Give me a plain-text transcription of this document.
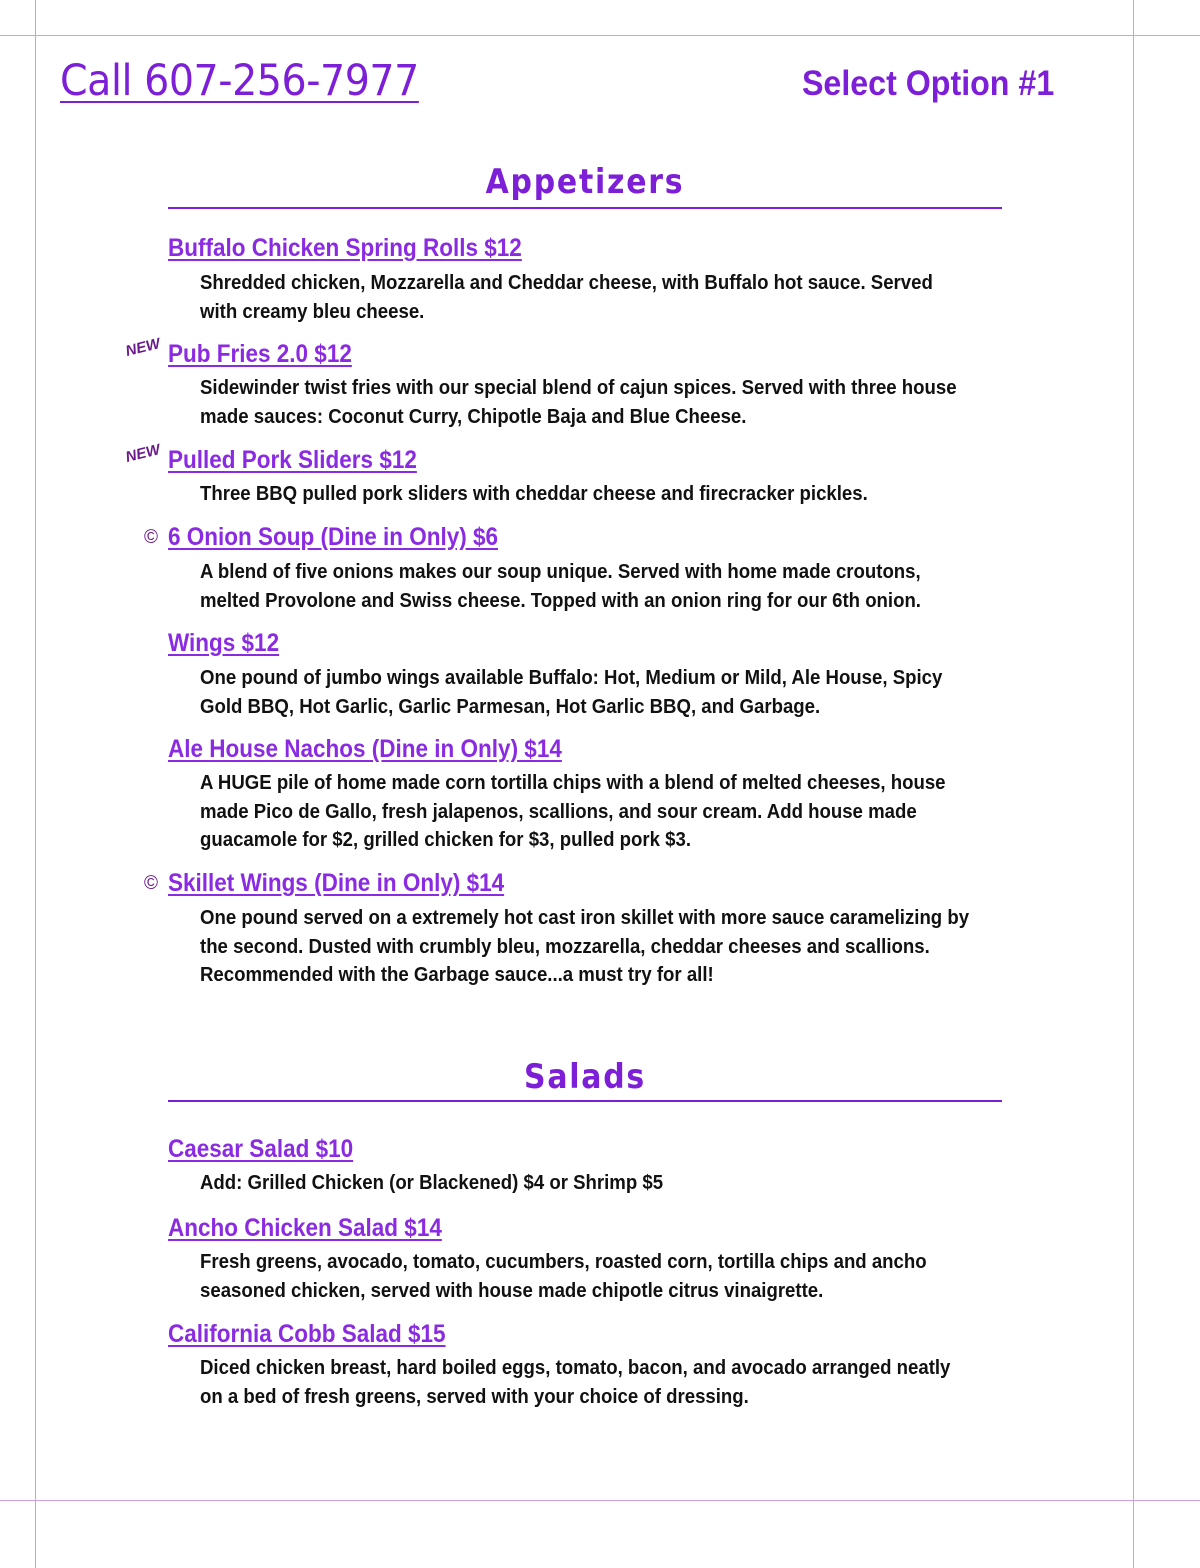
Call 607-256-7977	Select Option #1
Appetizers
Buffalo Chicken Spring Rolls $12

Shredded chicken, Mozzarella and Cheddar cheese, with Buffalo hot sauce. Served with creamy bleu cheese.

NEW Pub Fries 2.0 $12

Sidewinder twist fries with our special blend of cajun spices. Served with three house made sauces: Coconut Curry, Chipotle Baja and Blue Cheese.

NEW Pulled Pork Sliders $12

Three BBQ pulled pork sliders with cheddar cheese and firecracker pickles.

© 6 Onion Soup (Dine in Only) $6

A blend of five onions makes our soup unique. Served with home made croutons, melted Provolone and Swiss cheese. Topped with an onion ring for our 6th onion.

Wings $12

One pound of jumbo wings available Buffalo: Hot, Medium or Mild, Ale House, Spicy Gold BBQ, Hot Garlic, Garlic Parmesan, Hot Garlic BBQ, and Garbage.

Ale House Nachos (Dine in Only) $14

A HUGE pile of home made corn tortilla chips with a blend of melted cheeses, house made Pico de Gallo, fresh jalapenos, scallions, and sour cream. Add house made guacamole for $2, grilled chicken for $3, pulled pork $3.

© Skillet Wings (Dine in Only) $14

One pound served on a extremely hot cast iron skillet with more sauce caramelizing by the second. Dusted with crumbly bleu, mozzarella, cheddar cheeses and scallions. Recommended with the Garbage sauce...a must try for all!

Salads
Caesar Salad $10

Add: Grilled Chicken (or Blackened) $4 or Shrimp $5

Ancho Chicken Salad $14

Fresh greens, avocado, tomato, cucumbers, roasted corn, tortilla chips and ancho seasoned chicken, served with house made chipotle citrus vinaigrette.

California Cobb Salad $15

Diced chicken breast, hard boiled eggs, tomato, bacon, and avocado arranged neatly on a bed of fresh greens, served with your choice of dressing.
